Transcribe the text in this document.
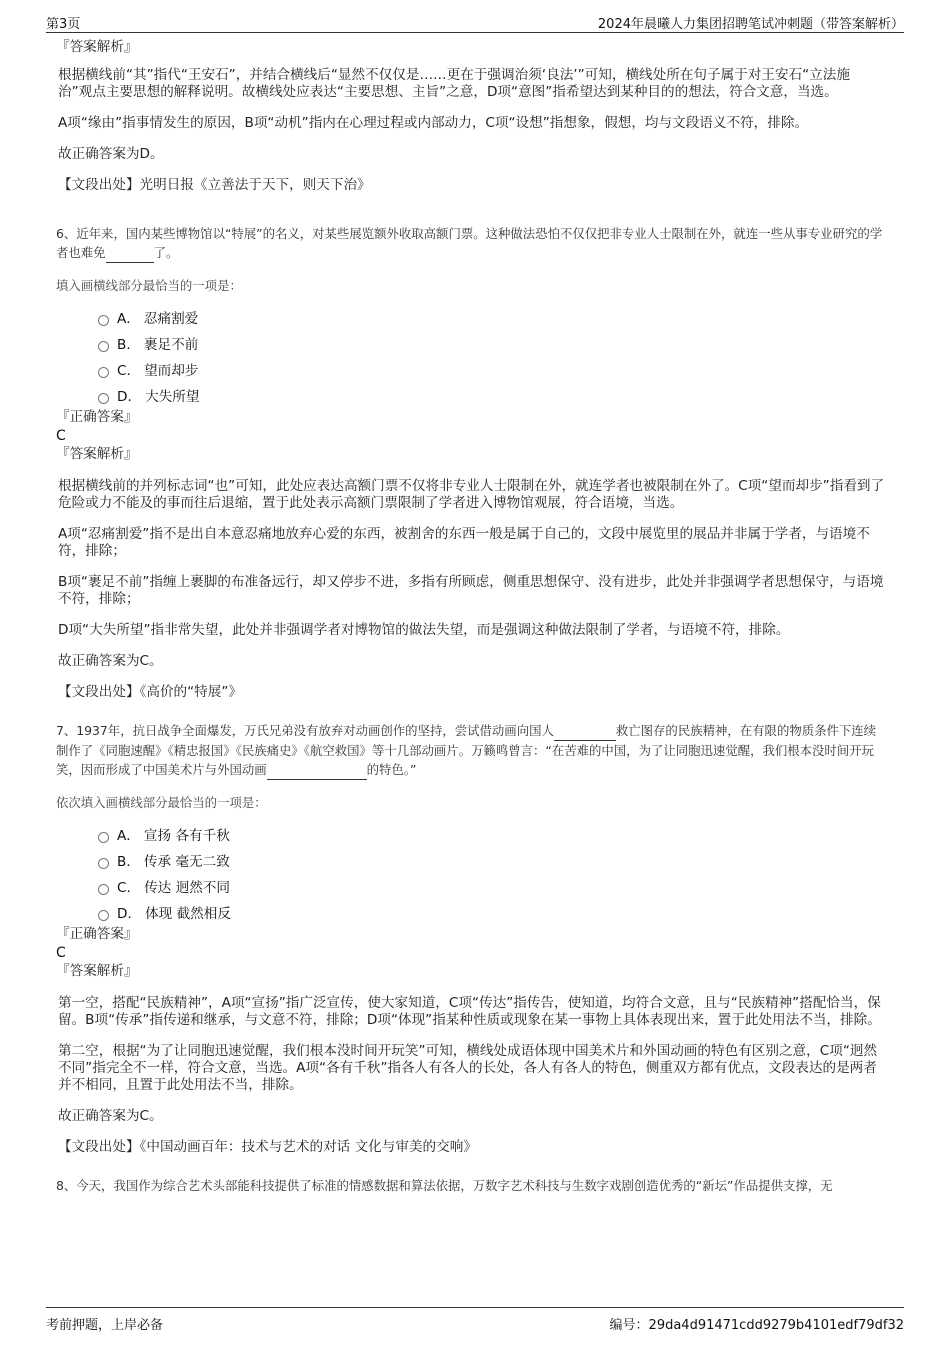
第3页	2024年晨曦人力集团招聘笔试冲刺题（带答案解析）

『答案解析』

根据横线前“其”指代“王安石”，并结合横线后“显然不仅仅是……更在于强调治须‘良法’”可知，横线处所在句子属于对王安石“立法施治”观点主要思想的解释说明。故横线处应表达“主要思想、主旨”之意，D项“意图”指希望达到某种目的的想法，符合文意，当选。

A项“缘由”指事情发生的原因，B项“动机”指内在心理过程或内部动力，C项“设想”指想象，假想，均与文段语义不符，排除。

故正确答案为D。

【文段出处】光明日报《立善法于天下，则天下治》

6、近年来，国内某些博物馆以“特展”的名义，对某些展览额外收取高额门票。这种做法恐怕不仅仅把非专业人士限制在外，就连一些从事专业研究的学者也难免	了。

填入画横线部分最恰当的一项是：

A． 忍痛割爱
B． 裹足不前
C． 望而却步
D． 大失所望

『正确答案』

C

『答案解析』

根据横线前的并列标志词“也”可知，此处应表达高额门票不仅将非专业人士限制在外，就连学者也被限制在外了。C项“望而却步”指看到了危险或力不能及的事而往后退缩，置于此处表示高额门票限制了学者进入博物馆观展，符合语境，当选。

A项“忍痛割爱”指不是出自本意忍痛地放弃心爱的东西，被割舍的东西一般是属于自己的，文段中展览里的展品并非属于学者，与语境不符，排除；

B项“裹足不前”指缠上裹脚的布准备远行，却又停步不进，多指有所顾虑，侧重思想保守、没有进步，此处并非强调学者思想保守，与语境不符，排除；

D项“大失所望”指非常失望，此处并非强调学者对博物馆的做法失望，而是强调这种做法限制了学者，与语境不符，排除。

故正确答案为C。

【文段出处】《高价的“特展”》

7、1937年，抗日战争全面爆发，万氏兄弟没有放弃对动画创作的坚持，尝试借动画向国人	救亡图存的民族精神，在有限的物质条件下连续制作了《同胞速醒》《精忠报国》《民族痛史》《航空救国》等十几部动画片。万籁鸣曾言：“在苦难的中国，为了让同胞迅速觉醒，我们根本没时间开玩笑，因而形成了中国美术片与外国动画	的特色。”

依次填入画横线部分最恰当的一项是：

A． 宣扬 各有千秋
B． 传承 毫无二致
C． 传达 迥然不同
D． 体现 截然相反

『正确答案』

C

『答案解析』

第一空，搭配“民族精神”，A项“宣扬”指广泛宣传，使大家知道，C项“传达”指传告，使知道，均符合文意，且与“民族精神”搭配恰当，保留。B项“传承”指传递和继承，与文意不符，排除；D项“体现”指某种性质或现象在某一事物上具体表现出来，置于此处用法不当，排除。

第二空，根据“为了让同胞迅速觉醒，我们根本没时间开玩笑”可知，横线处成语体现中国美术片和外国动画的特色有区别之意，C项“迥然不同”指完全不一样，符合文意，当选。A项“各有千秋”指各人有各人的长处，各人有各人的特色，侧重双方都有优点，文段表达的是两者并不相同，且置于此处用法不当，排除。

故正确答案为C。

【文段出处】《中国动画百年：技术与艺术的对话 文化与审美的交响》

8、今天，我国作为综合艺术头部能科技提供了标准的情感数据和算法依据，万数字艺术科技与生数字戏剧创造优秀的“新坛”作品提供支撑，无

考前押题，上岸必备	编号：29da4d91471cdd9279b4101edf79df32
